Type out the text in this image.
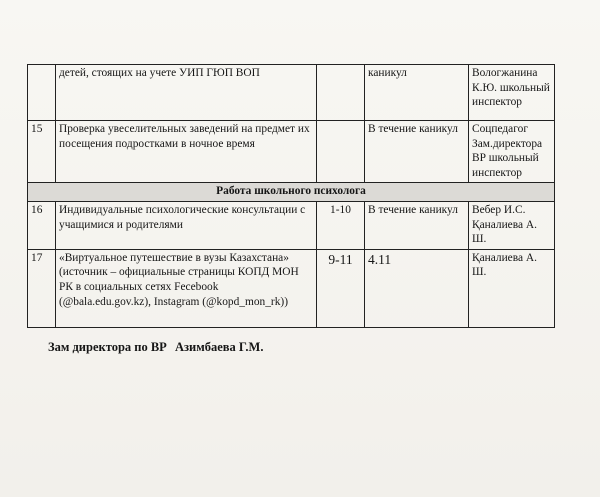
	детей, стоящих на учете УИП ГЮП ВОП		каникул	Вологжанина К.Ю. школьный инспектор
15	Проверка увеселительных заведений на предмет их посещения подростками в ночное время		В течение каникул	Соцпедагог Зам.директора ВР школьный инспектор
Работа школьного психолога				
16	Индивидуальные психологические консультации с учащимися и родителями	1-10	В течение каникул	Вебер И.С. Қаналиева А. Ш.
17	«Виртуальное путешествие в вузы Казахстана» (источник – официальные страницы КОПД МОН РК в социальных сетях Fecebook (@bala.edu.gov.kz), Instagram (@kopd_mon_rk))	9-11	4.11	Қаналиева А. Ш.
Зам директора по ВР Азимбаева Г.М.
